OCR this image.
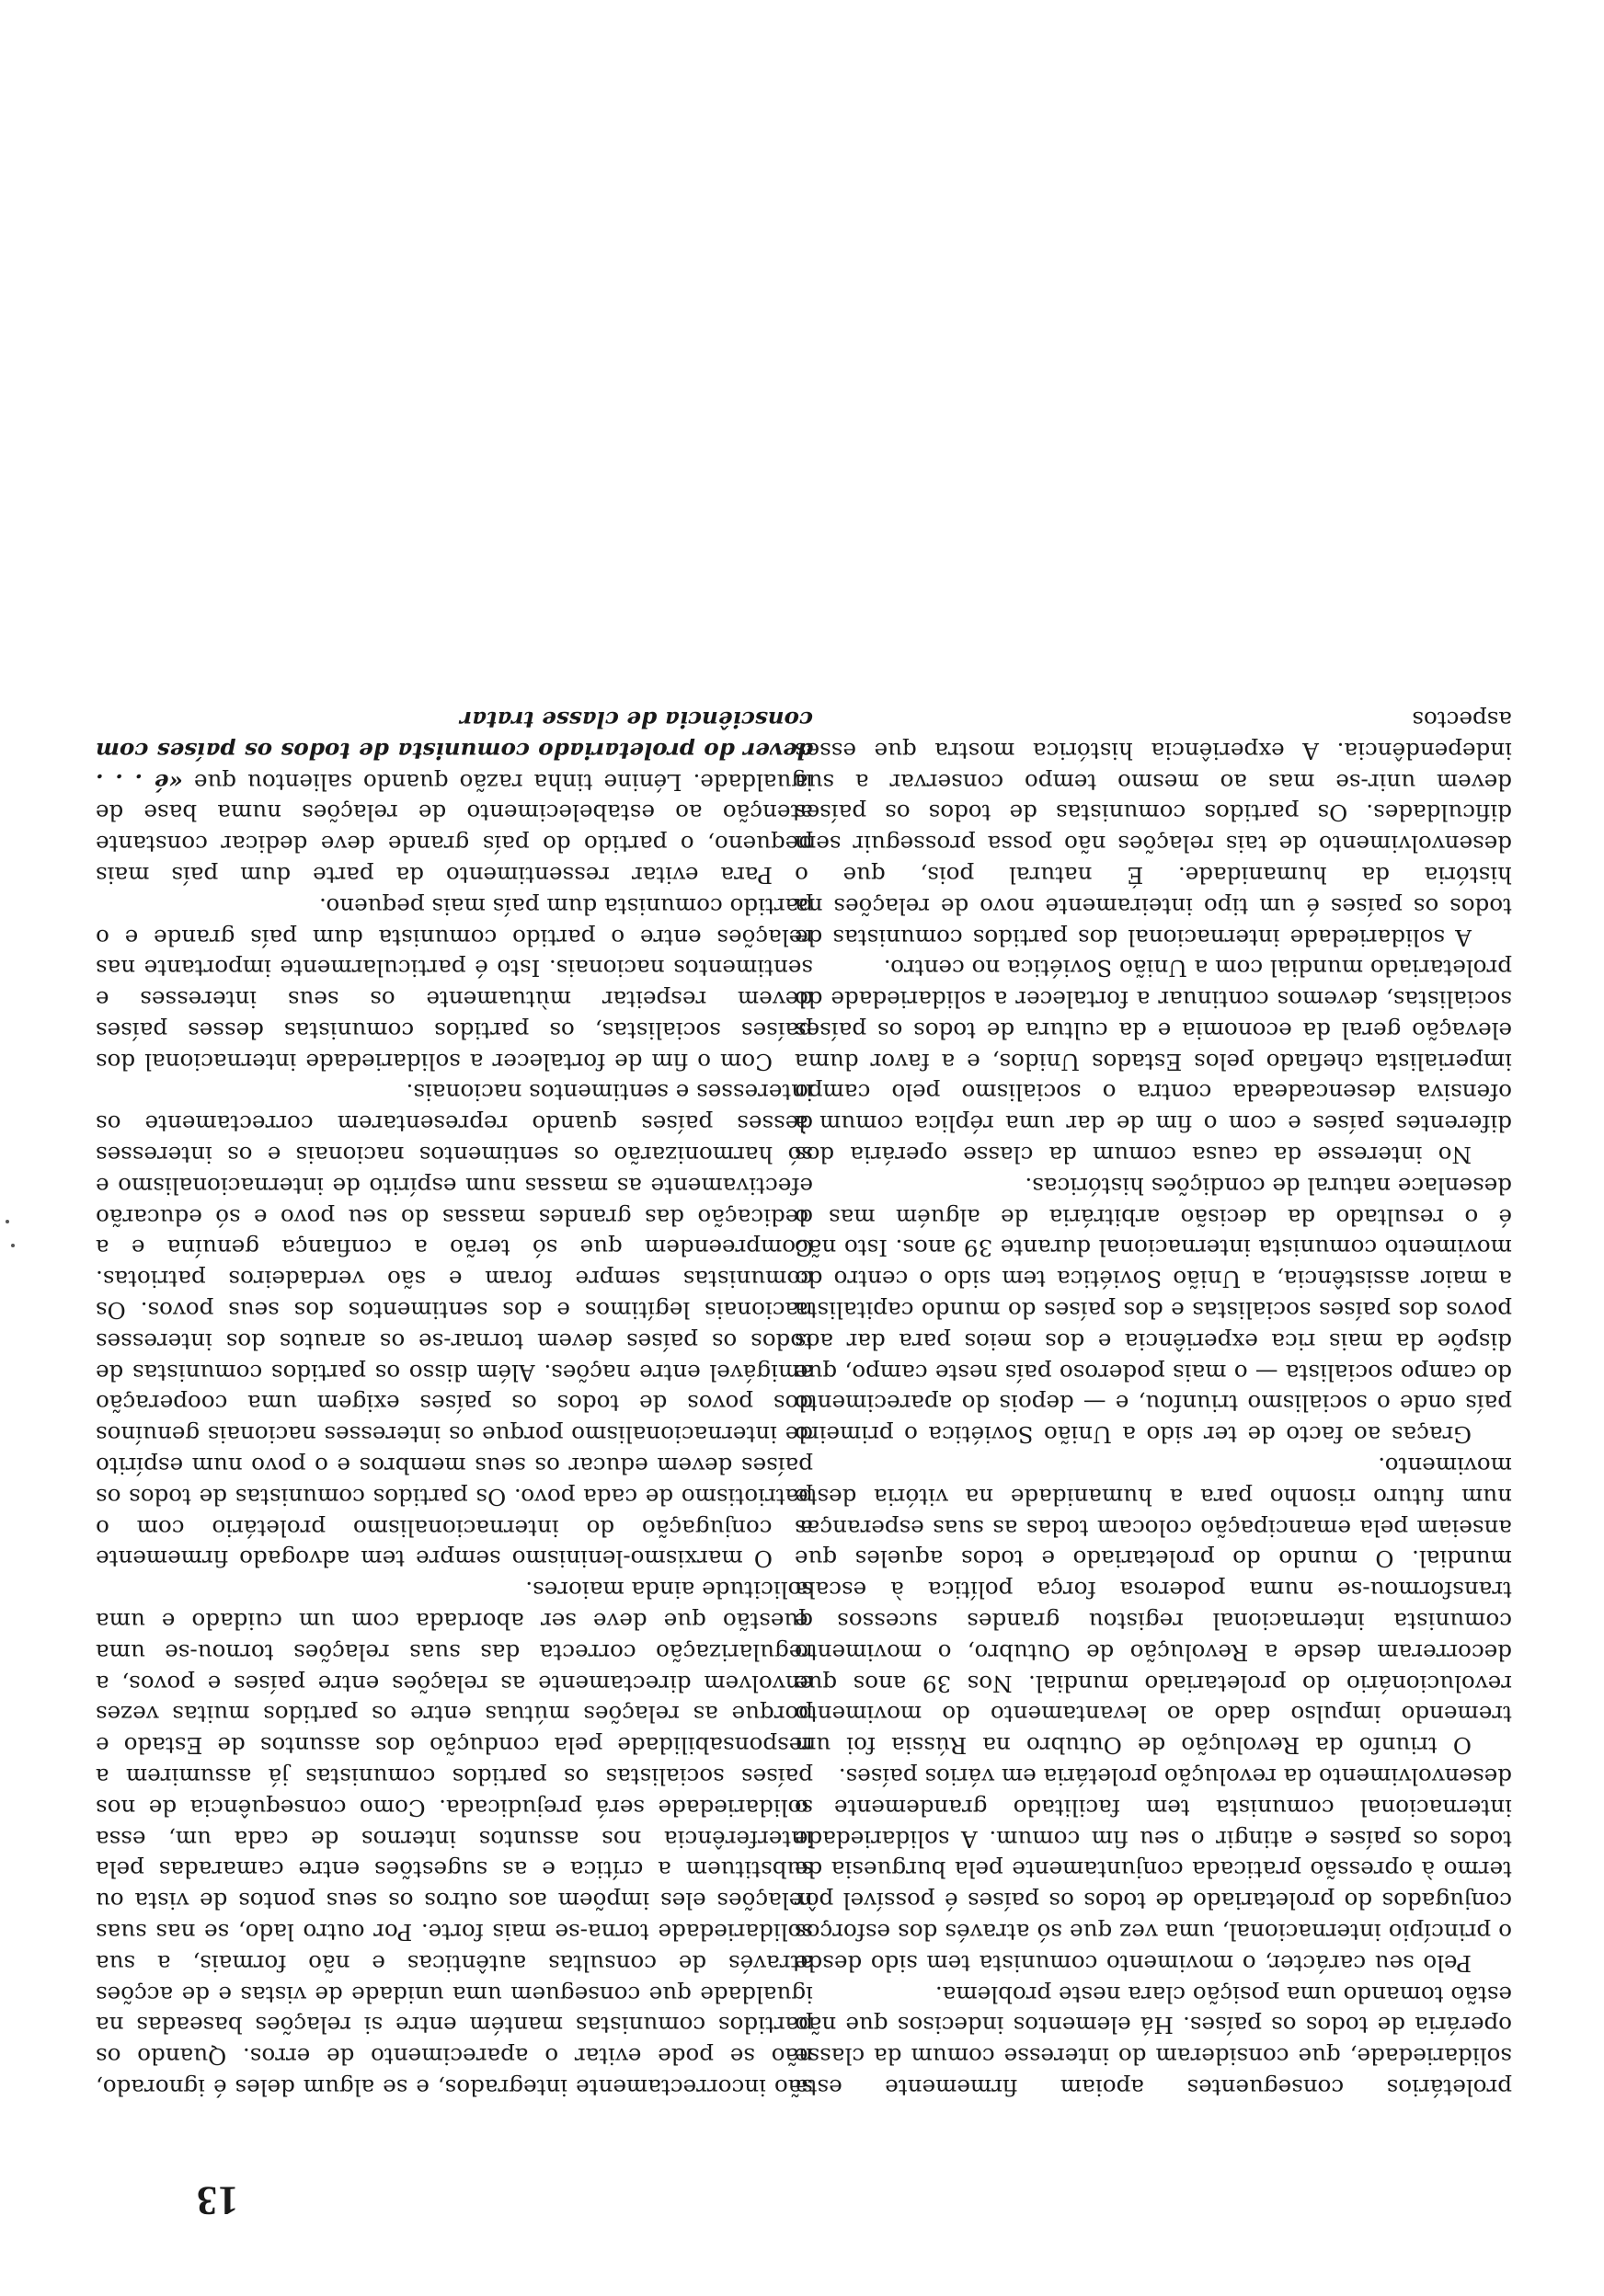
13

são incorrectamente integrados, e se algum deles é ignorado, não se pode evitar o aparecimento de erros. Quando os partidos comunistas mantém entre si relações baseadas na igualdade que conseguem uma unidade de vistas e de acções através de consultas autênticas e não formais, a sua solidariedade torna-se mais forte. Por outro lado, se nas suas relações eles impõem aos outros os seus pontos de vista ou substituem a crítica e as sugestões entre camaradas pela interferência nos assuntos internos de cada um, essa solidariedade será prejudicada. Como consequência de nos países socialistas os partidos comunistas já assumirem a responsabilidade pela condução dos assuntos de Estado e porque as relações mútuas entre os partidos muitas vezes envolvem directamente as relações entre países e povos, a regularização correcta das suas relações tornou-se uma questão que deve ser abordada com um cuidado e uma solicitude ainda maiores.

O marxismo-leninismo sempre tem advogado firmemente a conjugação do internacionalismo proletário com o patriotismo de cada povo. Os partidos comunistas de todos os países devem educar os seus membros e o povo num espírito de internacionalismo porque os interesses nacionais genuínos dos povos de todos os países exigem uma cooperação amigável entre nações. Além disso os partidos comunistas de todos os países devem tornar-se os arautos dos interesses nacionais legítimos e dos sentimentos dos seus povos. Os comunistas sempre foram e são verdadeiros patriotas. Compreendem que só terão a confiança genuína e a dedicação das grandes massas do seu povo e só educarão efectivamente as massas num espírito de internacionalismo e só harmonizarão os sentimentos nacionais e os interesses desses países quando representarem correctamente os interesses e sentimentos nacionais.

Com o fim de fortalecer a solidariedade internacional dos países socialistas, os partidos comunistas desses países devem respeitar mùtuamente os seus interesses e sentimentos nacionais. Isto é particularmente importante nas relações entre o partido comunista dum país grande e o partido comunista dum país mais pequeno.

Para evitar ressentimento da parte dum país mais pequeno, o partido do país grande deve dedicar constante atenção ao estabelecimento de relações numa base de igualdade. Lénine tinha razão quando salientou que «é . . . dever do proletariado comunista de todos os países com consciência de classe tratar

proletários conseguentes apoiam firmemente esta solidariedade, que consideram do interesse comum da classe operária de todos os países. Há elementos indecisos que não estão tomando uma posição clara neste problema.

Pelo seu carácter, o movimento comunista tem sido desde o princípio internacional, uma vez que só através dos esforços conjugados do proletariado de todos os países é possível pôr termo à opressão praticada conjuntamente pela burguesia de todos os países e atingir o seu fim comum. A solidariedade internacional comunista tem facilitado grandemente o desenvolvimento da revolução proletária em vários países.

O triunfo da Revolução de Outubro na Rússia foi um tremendo impulso dado ao levantamento do movimento revolucionário do proletariado mundial. Nos 39 anos que decorreram desde a Revolução de Outubro, o movimento comunista internacional registou grandes sucessos e transformou-se numa poderosa força política à escala mundial. O mundo do proletariado e todos aqueles que anseiam pela emancipação colocam todas as suas esperanças num futuro risonho para a humanidade na vitória deste movimento.

Graças ao facto de ter sido a União Soviética o primeiro país onde o socialismo triunfou, e — depois do aparecimento do campo socialista — o mais poderoso país neste campo, que dispõe da mais rica experiência e dos meios para dar aos povos dos países socialistas e dos países do mundo capitalista a maior assistência, a União Soviética tem sido o centro do movimento comunista internacional durante 39 anos. Isto não é o resultado da decisão arbitrária de alguém mas o desenlace natural de condições históricas.

No interesse da causa comum da classe operária dos diferentes países e com o fim de dar uma réplica comum à ofensiva desencadeada contra o socialismo pelo campo imperialista chefiado pelos Estados Unidos, e a favor duma elevação geral da economia e da cultura de todos os países socialistas, devemos continuar a fortalecer a solidariedade do proletariado mundial com a União Soviética no centro.

A solidariedade internacional dos partidos comunistas de todos os países é um tipo inteiramente novo de relações na história da humanidade. É natural pois, que o desenvolvimento de tais relações não possa prosseguir sem dificuldades. Os partidos comunistas de todos os países devem unir-se mas ao mesmo tempo conservar a sua independência. A experiência histórica mostra que esses aspectos
